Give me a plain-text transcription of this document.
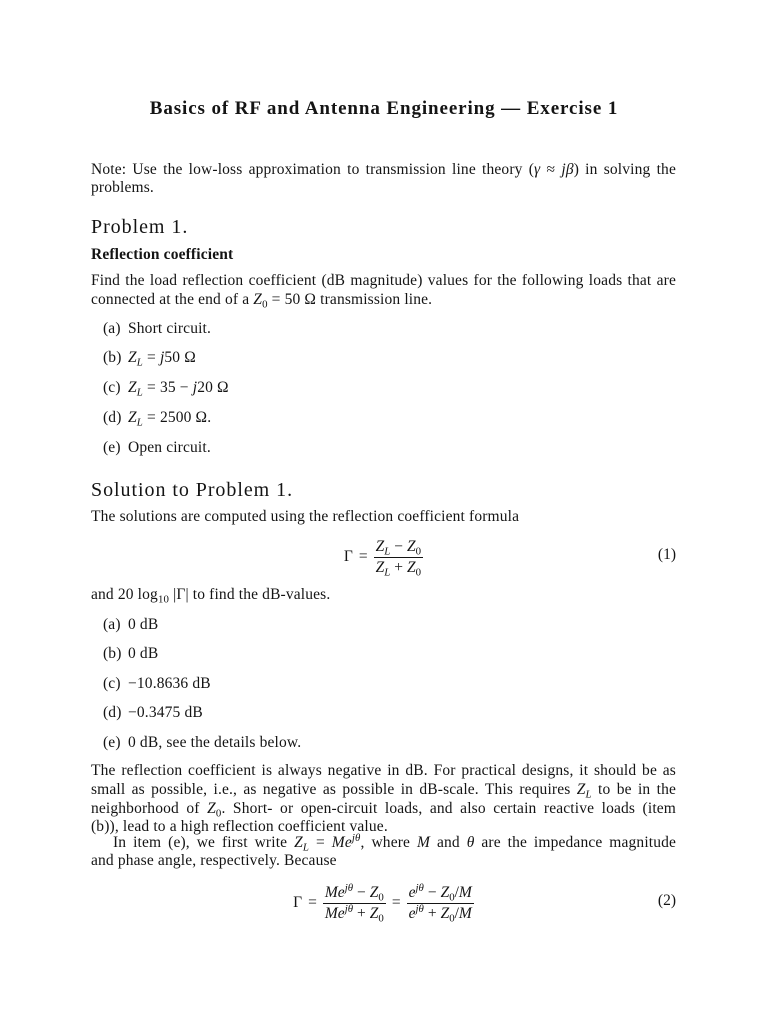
Basics of RF and Antenna Engineering — Exercise 1
Note: Use the low-loss approximation to transmission line theory (γ ≈ jβ) in solving the
problems.
Problem 1.
Reflection coefficient
Find the load reflection coefficient (dB magnitude) values for the following loads that are
connected at the end of a $Z_0 = 50$ Ω transmission line.
(a) Short circuit.
(b) $Z_L = j50$ Ω
(c) $Z_L = 35 - j20$ Ω
(d) $Z_L = 2500$ Ω.
(e) Open circuit.
Solution to Problem 1.
The solutions are computed using the reflection coefficient formula
$\Gamma = \frac{Z_L - Z_0}{Z_L + Z_0}$	(1)
and 20 $\log_{10} |\Gamma|$ to find the dB-values.
(a) 0 dB
(b) 0 dB
(c) −10.8636 dB
(d) −0.3475 dB
(e) 0 dB, see the details below.
The reflection coefficient is always negative in dB. For practical designs, it should be as
small as possible, i.e., as negative as possible in dB-scale. This requires $Z_L$ to be in the
neighborhood of $Z_0$. Short- or open-circuit loads, and also certain reactive loads (item
(b)), lead to a high reflection coefficient value.
In item (e), we first write $Z_L = Me^{j\theta}$, where M and θ are the impedance magnitude
and phase angle, respectively. Because
$\Gamma = \frac{Me^{j\theta} - Z_0}{Me^{j\theta} + Z_0} = \frac{e^{j\theta} - Z_0/M}{e^{j\theta} + Z_0/M}$	(2)
